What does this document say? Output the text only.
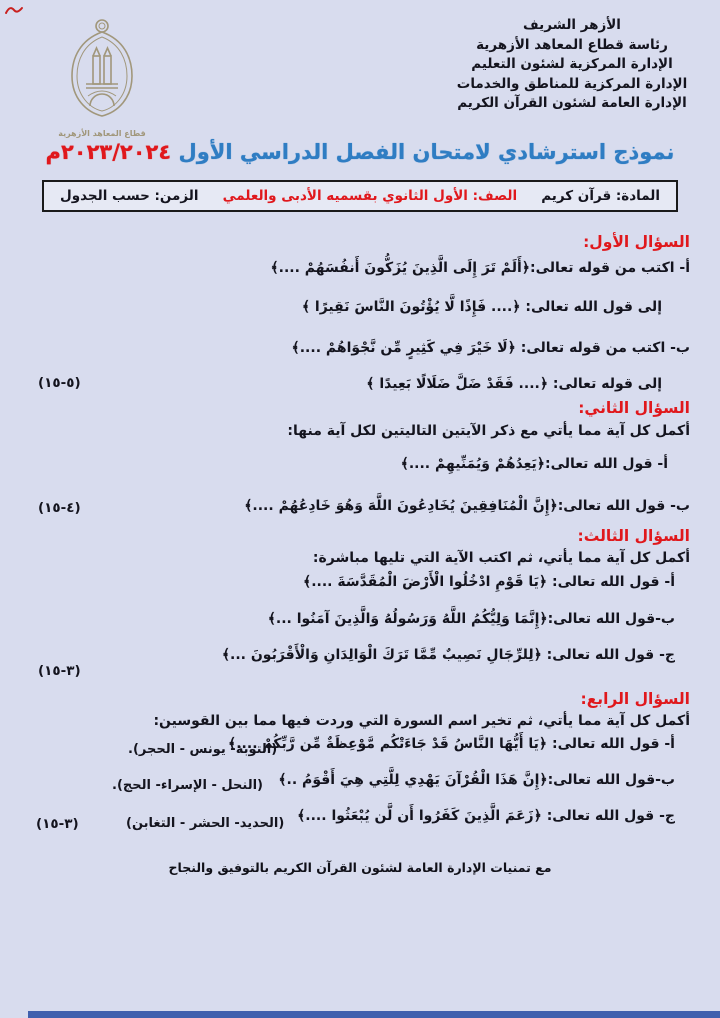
قطاع المعاهد الأزهرية
الأزهر الشريف
رئاسة قطاع المعاهد الأزهرية
الإدارة المركزية لشئون التعليم
الإدارة المركزية للمناطق والخدمات
الإدارة العامة لشئون القرآن الكريم
نموذج استرشادي لامتحان الفصل الدراسي الأول ٢٠٢٣/٢٠٢٤م
المادة: قرآن كريم
الصف: الأول الثانوي بقسميه الأدبى والعلمي
الزمن: حسب الجدول
السؤال الأول:
أ- اكتب من قوله تعالى:﴿أَلَمْ تَرَ إِلَى الَّذِينَ يُزَكُّونَ أَنفُسَهُمْ ....﴾
إلى قول الله تعالى: ﴿.... فَإِذًا لَّا يُؤْتُونَ النَّاسَ نَقِيرًا ﴾
ب- اكتب من قوله تعالى: ﴿لَا خَيْرَ فِي كَثِيرٍ مِّن نَّجْوَاهُمْ ....﴾
إلى قوله تعالى: ﴿.... فَقَدْ ضَلَّ ضَلَالًا بَعِيدًا ﴾
(٥-١٥)
السؤال الثاني:
أكمل كل آية مما يأتي مع ذكر الآيتين التاليتين لكل آية منها:
أ- قول الله تعالى:﴿يَعِدُهُمْ وَيُمَنِّيهِمْ ....﴾
ب- قول الله تعالى:﴿إِنَّ الْمُنَافِقِينَ يُخَادِعُونَ اللَّهَ وَهُوَ خَادِعُهُمْ ....﴾
(٤-١٥)
السؤال الثالث:
أكمل كل آية مما يأتي، ثم اكتب الآية التي تليها مباشرة:
أ- قول الله تعالى: ﴿يَا قَوْمِ ادْخُلُوا الْأَرْضَ الْمُقَدَّسَةَ ....﴾
ب-قول الله تعالى:﴿إِنَّمَا وَلِيُّكُمُ اللَّهُ وَرَسُولُهُ وَالَّذِينَ آمَنُوا ...﴾
ج- قول الله تعالى: ﴿لِلرِّجَالِ نَصِيبٌ مِّمَّا تَرَكَ الْوَالِدَانِ وَالْأَقْرَبُونَ ...﴾
(٣-١٥)
السؤال الرابع:
أكمل كل آية مما يأتي، ثم تخير اسم السورة التي وردت فيها مما بين القوسين:
أ- قول الله تعالى: ﴿يَا أَيُّهَا النَّاسُ قَدْ جَاءَتْكُم مَّوْعِظَةٌ مِّن رَّبِّكُمْ ....﴾
(التوبة- يونس - الحجر).
ب-قول الله تعالى:﴿إِنَّ هَذَا الْقُرْآنَ يَهْدِي لِلَّتِي هِيَ أَقْوَمُ ..﴾
(النحل - الإسراء- الحج).
ج- قول الله تعالى: ﴿زَعَمَ الَّذِينَ كَفَرُوا أَن لَّن يُبْعَثُوا ....﴾
(الحديد- الحشر - التغابن)
(٣-١٥)
مع تمنيات الإدارة العامة لشئون القرآن الكريم بالتوفيق والنجاح
